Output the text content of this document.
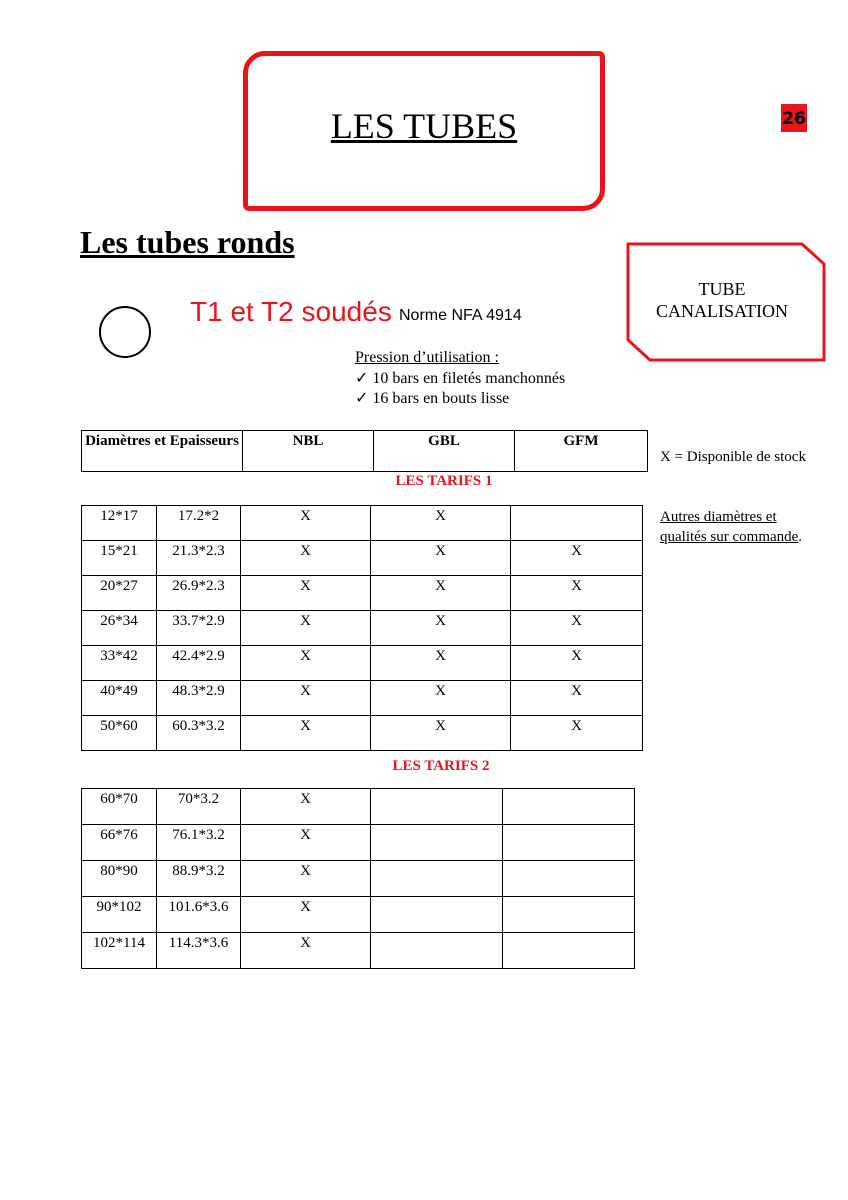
LES TUBES	26
Les tubes ronds
TUBE
CANALISATION
T1 et T2 soudés Norme NFA 4914
Pression d’utilisation :
✓ 10 bars en filetés manchonnés
✓ 16 bars en bouts lisse
Diamètres et Epaisseurs	NBL	GBL	GFM
LES TARIFS 1
12*17	17.2*2	X	X	
15*21	21.3*2.3	X	X	X
20*27	26.9*2.3	X	X	X
26*34	33.7*2.9	X	X	X
33*42	42.4*2.9	X	X	X
40*49	48.3*2.9	X	X	X
50*60	60.3*3.2	X	X	X
LES TARIFS 2
60*70	70*3.2	X		
66*76	76.1*3.2	X		
80*90	88.9*3.2	X		
90*102	101.6*3.6	X		
102*114	114.3*3.6	X		
X = Disponible de stock
Autres diamètres et qualités sur commande.
